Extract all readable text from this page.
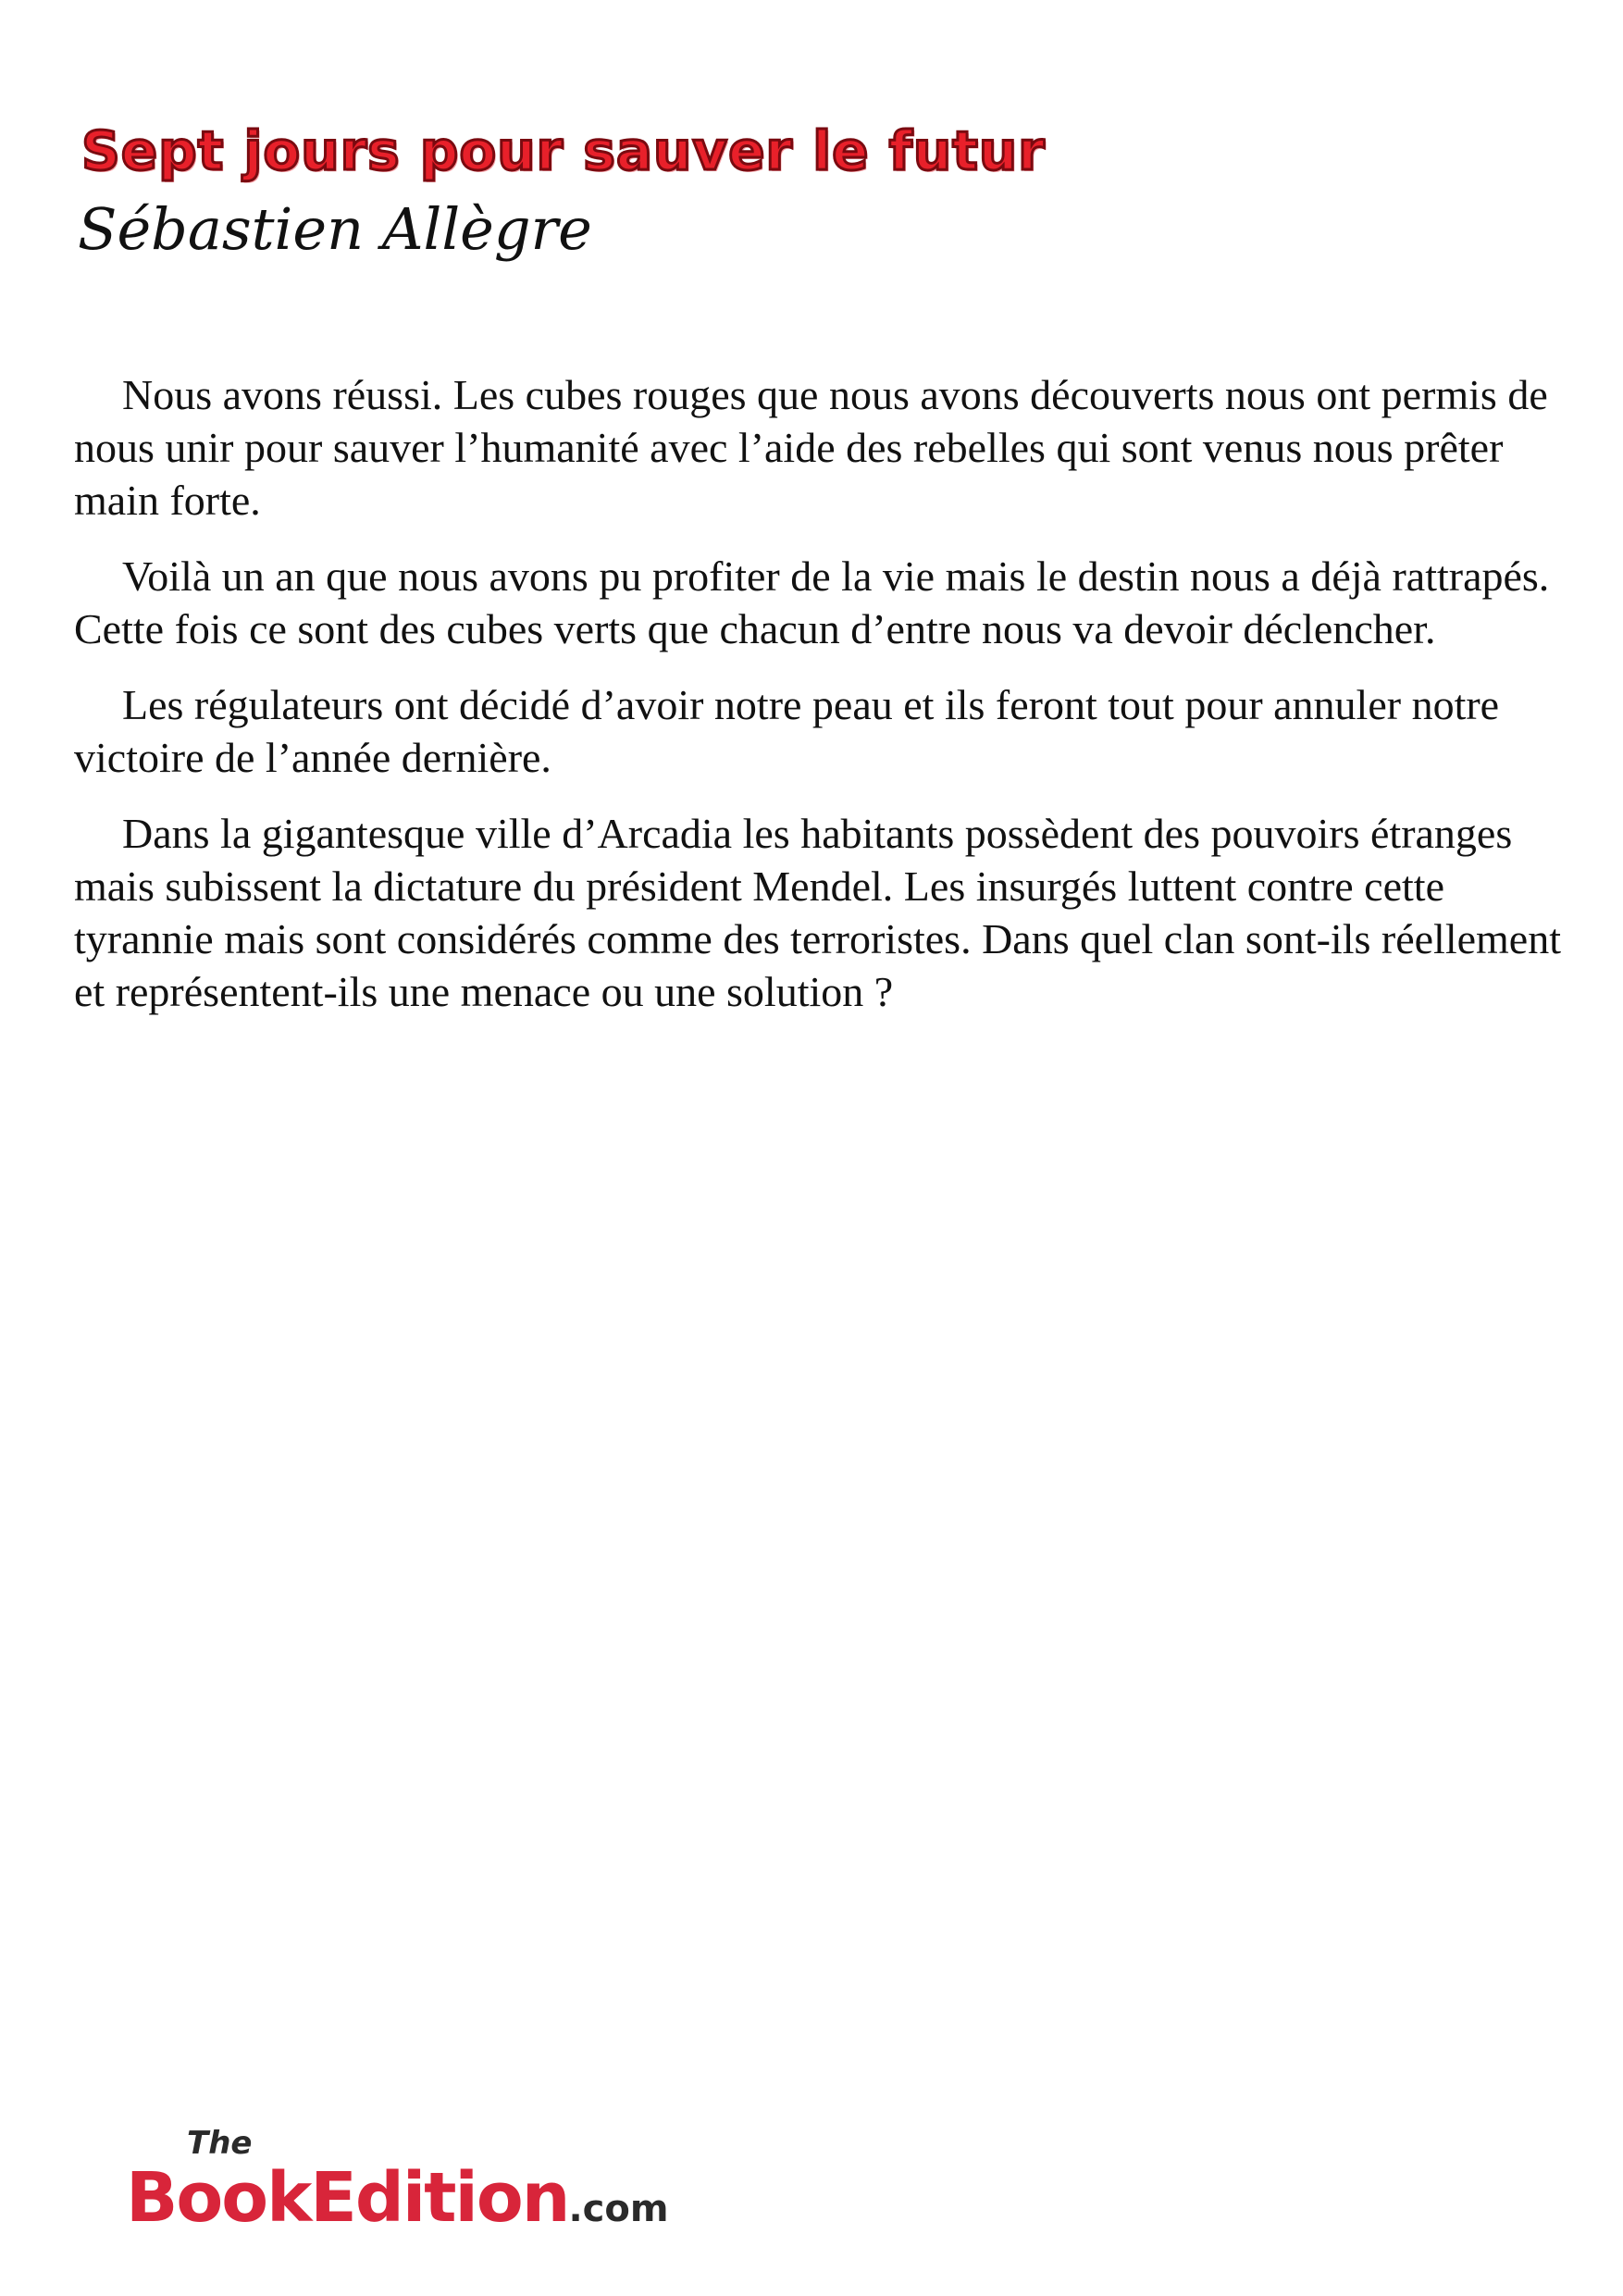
Sept jours pour sauver le futur
Sébastien Allègre

Nous avons réussi. Les cubes rouges que nous avons découverts nous ont permis de nous unir pour sauver l’humanité avec l’aide des rebelles qui sont venus nous prêter main forte.

Voilà un an que nous avons pu profiter de la vie mais le destin nous a déjà rattrapés. Cette fois ce sont des cubes verts que chacun d’entre nous va devoir déclencher.

Les régulateurs ont décidé d’avoir notre peau et ils feront tout pour annuler notre victoire de l’année dernière.

Dans la gigantesque ville d’Arcadia les habitants possèdent des pouvoirs étranges mais subissent la dictature du président Mendel. Les insurgés luttent contre cette tyrannie mais sont considérés comme des terroristes. Dans quel clan sont-ils réellement et représentent-ils une menace ou une solution ?

The
BookEdition.com
